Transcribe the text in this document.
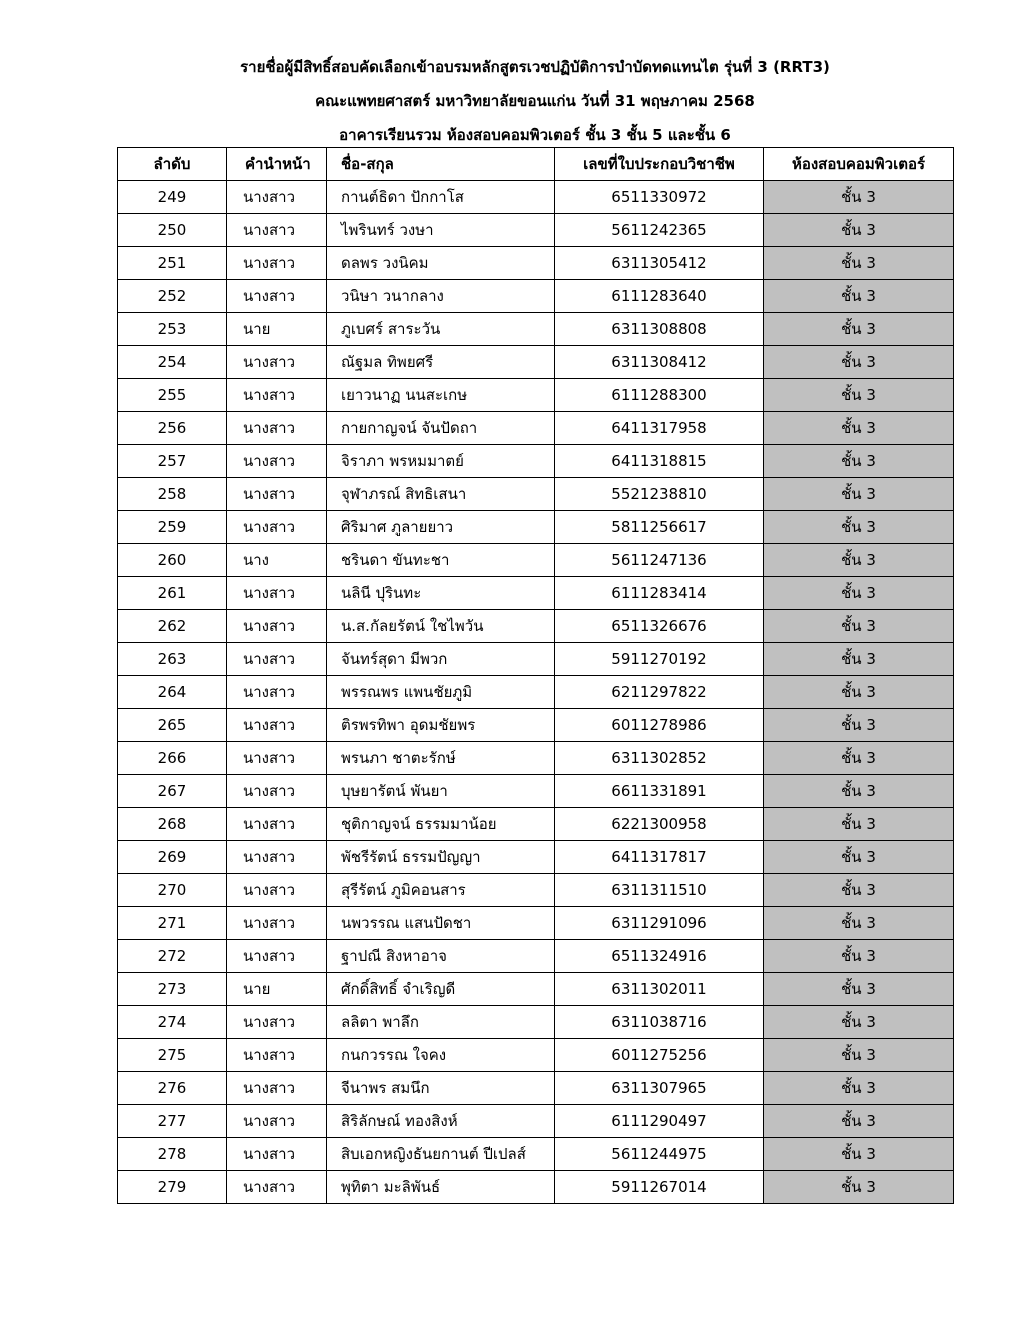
รายชื่อผู้มีสิทธิ์สอบคัดเลือกเข้าอบรมหลักสูตรเวชปฏิบัติการบำบัดทดแทนไต รุ่นที่ 3 (RRT3)
คณะแพทยศาสตร์ มหาวิทยาลัยขอนแก่น วันที่ 31 พฤษภาคม 2568
อาคารเรียนรวม ห้องสอบคอมพิวเตอร์ ชั้น 3 ชั้น 5 และชั้น 6
ลำดับ	คำนำหน้า	ชื่อ-สกุล	เลขที่ใบประกอบวิชาชีพ	ห้องสอบคอมพิวเตอร์
249	นางสาว	กานต์ธิดา ปักกาโส	6511330972	ชั้น 3
250	นางสาว	ไพรินทร์ วงษา	5611242365	ชั้น 3
251	นางสาว	ดลพร วงนิคม	6311305412	ชั้น 3
252	นางสาว	วนิษา วนากลาง	6111283640	ชั้น 3
253	นาย	ภูเบศร์ สาระวัน	6311308808	ชั้น 3
254	นางสาว	ณัฐมล ทิพยศรี	6311308412	ชั้น 3
255	นางสาว	เยาวนาฏ นนสะเกษ	6111288300	ชั้น 3
256	นางสาว	กายกาญจน์ จันปัดถา	6411317958	ชั้น 3
257	นางสาว	จิราภา พรหมมาตย์	6411318815	ชั้น 3
258	นางสาว	จุฬาภรณ์ สิทธิเสนา	5521238810	ชั้น 3
259	นางสาว	ศิริมาศ ภูลายยาว	5811256617	ชั้น 3
260	นาง	ชรินดา ขันทะชา	5611247136	ชั้น 3
261	นางสาว	นลินี ปุรินทะ	6111283414	ชั้น 3
262	นางสาว	น.ส.กัลยรัตน์ ใชไพวัน	6511326676	ชั้น 3
263	นางสาว	จันทร์สุดา มีพวก	5911270192	ชั้น 3
264	นางสาว	พรรณพร แพนชัยภูมิ	6211297822	ชั้น 3
265	นางสาว	ติรพรทิพา อุดมชัยพร	6011278986	ชั้น 3
266	นางสาว	พรนภา ชาตะรักษ์	6311302852	ชั้น 3
267	นางสาว	บุษยารัตน์ พันยา	6611331891	ชั้น 3
268	นางสาว	ชุติกาญจน์ ธรรมมาน้อย	6221300958	ชั้น 3
269	นางสาว	พัชรีรัตน์ ธรรมปัญญา	6411317817	ชั้น 3
270	นางสาว	สุรีรัตน์ ภูมิคอนสาร	6311311510	ชั้น 3
271	นางสาว	นพวรรณ แสนปัดชา	6311291096	ชั้น 3
272	นางสาว	ฐาปณี สิงหาอาจ	6511324916	ชั้น 3
273	นาย	ศักดิ์สิทธิ์ จำเริญดี	6311302011	ชั้น 3
274	นางสาว	ลลิตา พาลึก	6311038716	ชั้น 3
275	นางสาว	กนกวรรณ ใจคง	6011275256	ชั้น 3
276	นางสาว	จีนาพร สมนึก	6311307965	ชั้น 3
277	นางสาว	สิริลักษณ์ ทองสิงห์	6111290497	ชั้น 3
278	นางสาว	สิบเอกหญิงธันยกานต์ ปีเปลส์	5611244975	ชั้น 3
279	นางสาว	พุทิตา มะลิพันธ์	5911267014	ชั้น 3
